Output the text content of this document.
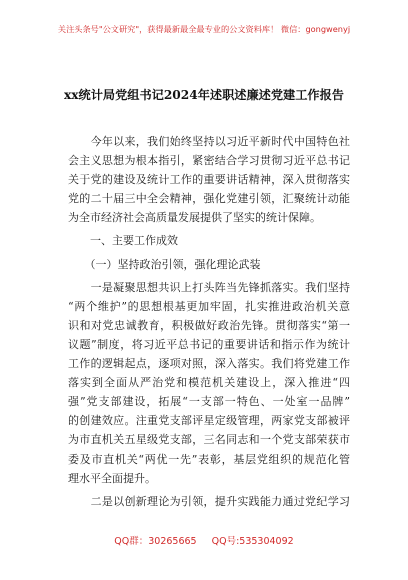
关注头条号"公文研究"，获得最新最全最专业的公文资料库！ 微信：gongwenyj
xx统计局党组书记2024年述职述廉述党建工作报告
　　今年以来，我们始终坚持以习近平新时代中国特色社
会主义思想为根本指引，紧密结合学习贯彻习近平总书记
关于党的建设及统计工作的重要讲话精神，深入贯彻落实
党的二十届三中全会精神，强化党建引领，汇聚统计动能
为全市经济社会高质量发展提供了坚实的统计保障。
　　一、主要工作成效
　　（一）坚持政治引领，强化理论武装
　　一是凝聚思想共识上打头阵当先锋抓落实。我们坚持
“两个维护”的思想根基更加牢固，扎实推进政治机关意
识和对党忠诚教育，积极做好政治先锋。贯彻落实“第一
议题”制度，将习近平总书记的重要讲话和指示作为统计
工作的逻辑起点，逐项对照，深入落实。我们将党建工作
落实到全面从严治党和模范机关建设上，深入推进“四
强”党支部建设，拓展“一支部一特色、一处室一品牌”
的创建效应。注重党支部评星定级管理，两家党支部被评
为市直机关五星级党支部，三名同志和一个党支部荣获市
委及市直机关“两优一先”表彰，基层党组织的规范化管
理水平全面提升。
　　二是以创新理论为引领，提升实践能力通过党纪学习
QQ群：30265665 QQ号:535304092
